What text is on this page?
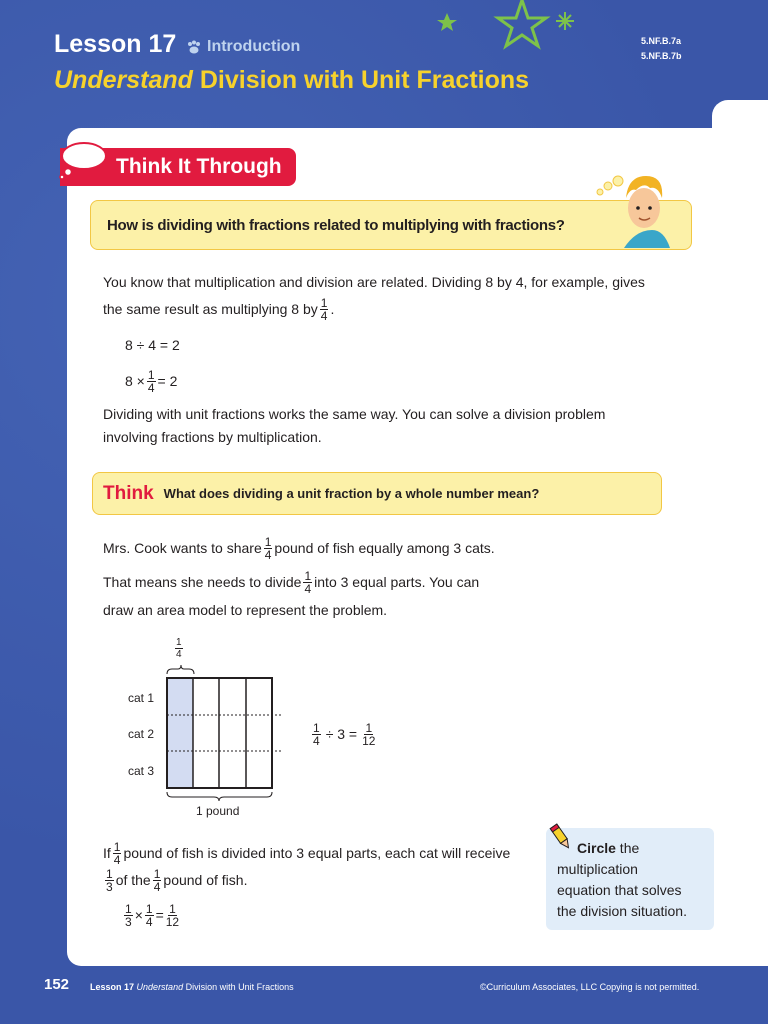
Lesson 17 Introduction	5.NF.B.7a
5.NF.B.7b
Understand Division with Unit Fractions
Think It Through
How is dividing with fractions related to multiplying with fractions?
You know that multiplication and division are related. Dividing 8 by 4, for example, gives
the same result as multiplying 8 by $\frac{1}{4}$ .
8 ÷ 4 = 2
$8 \times \frac{1}{4} = 2$
Dividing with unit fractions works the same way. You can solve a division problem
involving fractions by multiplication.
Think What does dividing a unit fraction by a whole number mean?
Mrs. Cook wants to share $\frac{1}{4}$ pound of fish equally among 3 cats.
That means she needs to divide $\frac{1}{4}$ into 3 equal parts. You can
draw an area model to represent the problem.
$\frac{1}{4}$
cat 1
cat 2
cat 3
1 pound
$\frac{1}{4} \div 3 = \frac{1}{12}$
If $\frac{1}{4}$ pound of fish is divided into 3 equal parts, each cat will receive
$\frac{1}{3}$ of the $\frac{1}{4}$ pound of fish.
$\frac{1}{3} \times \frac{1}{4} = \frac{1}{12}$
Circle the
multiplication
equation that solves
the division situation.
152 Lesson 17 Understand Division with Unit Fractions	©Curriculum Associates, LLC Copying is not permitted.
